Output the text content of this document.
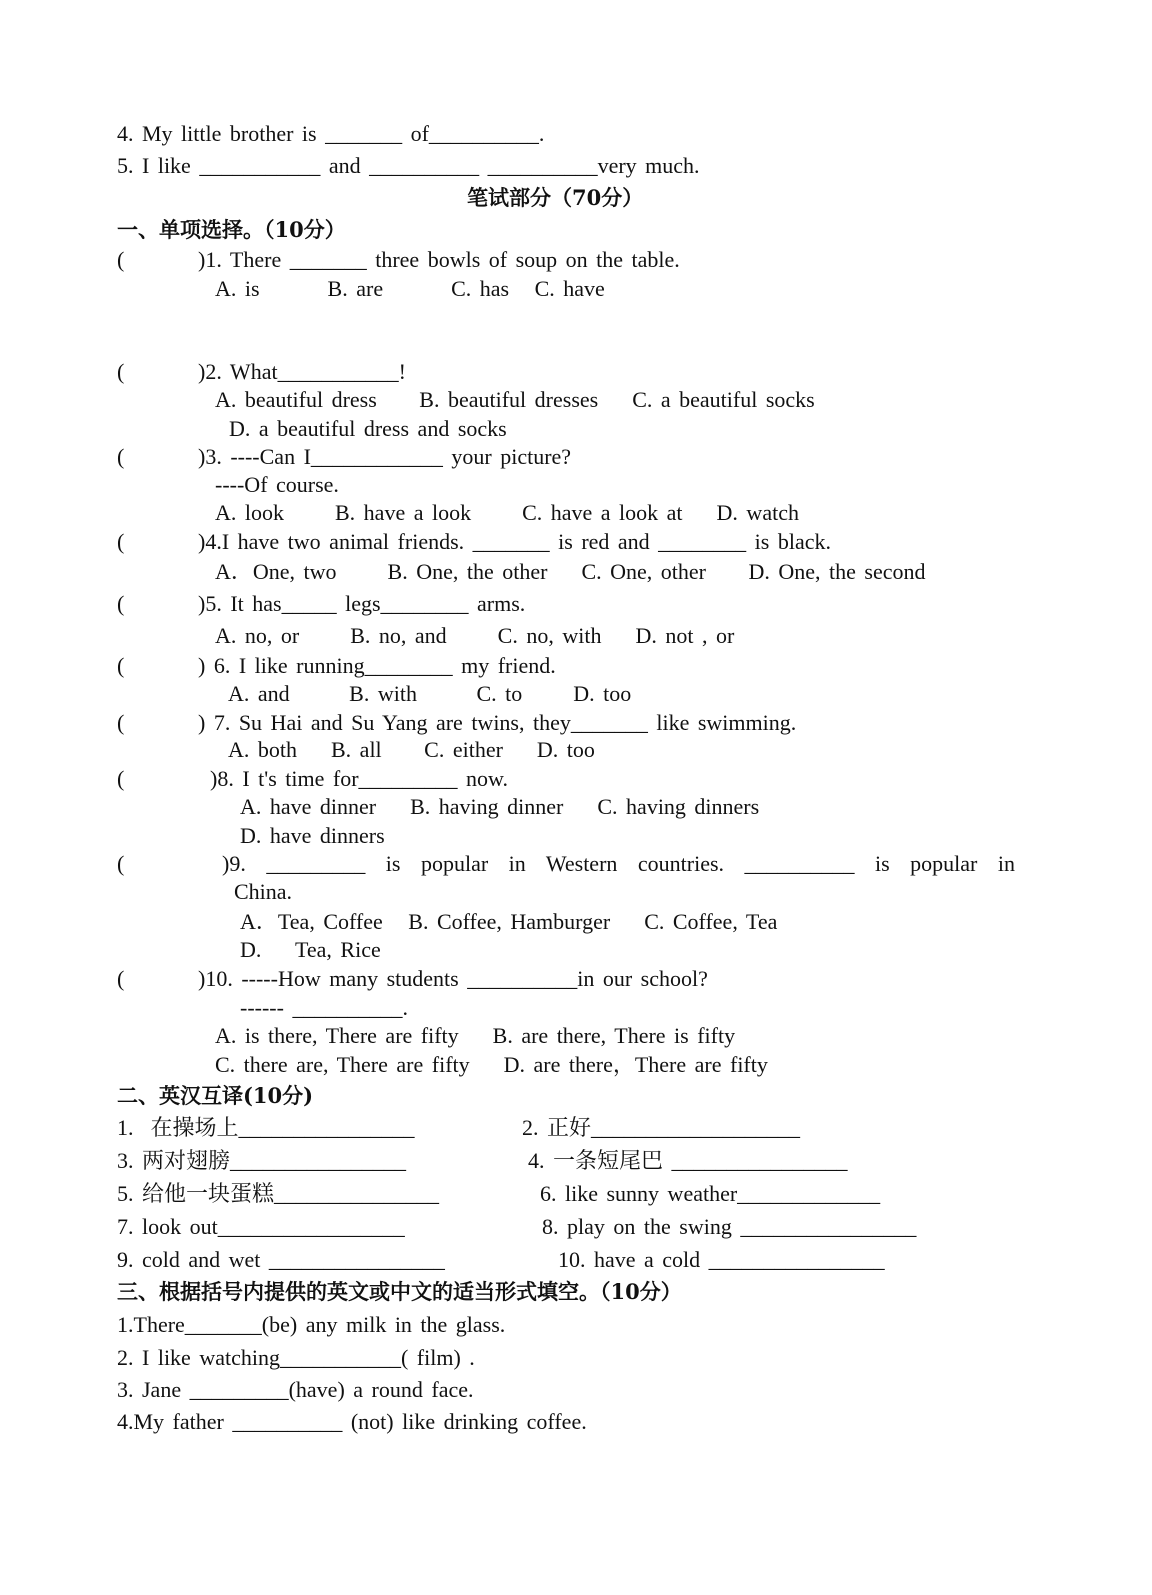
4. My little brother is _______ of__________.
5. I like ___________ and __________ __________very much.
笔试部分（70分）
一、单项选择。（10分）
(	)1. There _______ three bowls of soup on the table.
A. is        B. are        C. has   C. have
(	)2. What___________!
A. beautiful dress     B. beautiful dresses    C. a beautiful socks
D. a beautiful dress and socks
(	)3. ----Can I____________ your picture?
----Of course.
A. look      B. have a look      C. have a look at    D. watch
(	)4.I have two animal friends. _______ is red and ________ is black.
A．One, two      B. One, the other    C. One, other     D. One, the second
(	)5. It has_____ legs________ arms.
A. no, or      B. no, and      C. no, with    D. not , or
(	) 6. I like running________ my friend.
A. and       B. with       C. to      D. too
(	) 7. Su Hai and Su Yang are twins, they_______ like swimming.
A. both    B. all     C. either    D. too
(	)8. I t's time for_________ now.
A. have dinner    B. having dinner    C. having dinners
D. have dinners
(	)9. _________ is popular in Western countries. __________ is popular in
China.
A．Tea, Coffee   B. Coffee, Hamburger    C. Coffee, Tea
D.    Tea, Rice
(	)10. -----How many students __________in our school?
------ __________.
A. is there, There are fifty    B. are there, There is fifty
C. there are, There are fifty    D. are there，There are fifty
二、英汉互译(10分)
1.  在操场上________________	2. 正好___________________
3. 两对翅膀________________	4. 一条短尾巴 ________________
5. 给他一块蛋糕_______________	6. like sunny weather_____________
7. look out_________________	8. play on the swing ________________
9. cold and wet ________________	10. have a cold ________________
三、根据括号内提供的英文或中文的适当形式填空。（10分）
1.There_______(be) any milk in the glass.
2. I like watching___________( film) .
3. Jane _________(have) a round face.
4.My father __________ (not) like drinking coffee.
